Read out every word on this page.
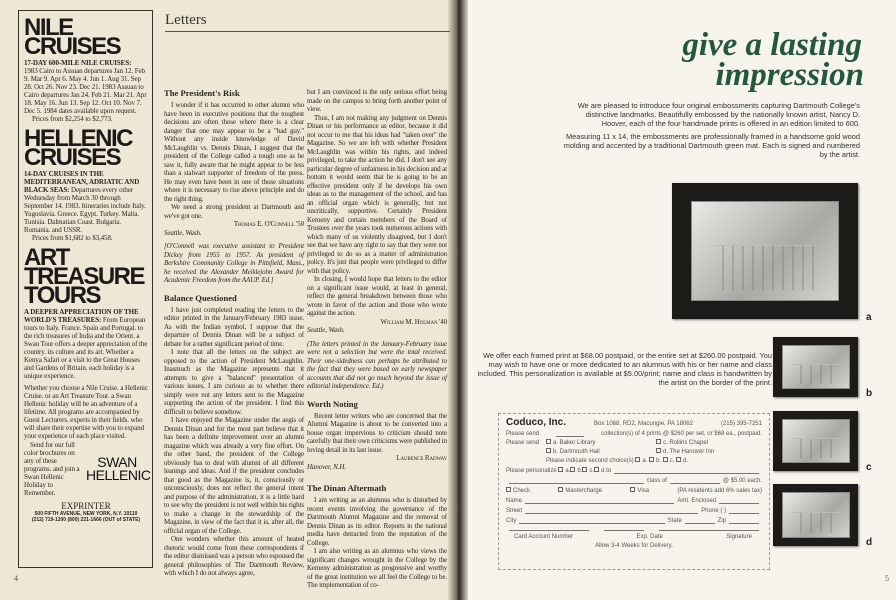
NILE CRUISES

17-DAY 600-MILE NILE CRUISES:
1983 Cairo to Assuan departures Jan 12. Feb 9. Mar 9. Apr 6. May 4. Jun 1. Aug 31. Sep 28. Oct 26. Nov 23. Dec 21. 1983 Assuan to Cairo departures Jan 24. Feb 21. Mar 21. Apr 18. May 16. Jun 13. Sep 12. Oct 10. Nov 7. Dec 5. 1984 dates available upon request.

Prices from $2,254 to $2,773.

HELLENIC CRUISES

14-DAY CRUISES IN THE MEDITERRANEAN, ADRIATIC AND BLACK SEAS: Departures every other Wednesday from March 30 through September 14. 1983. Itineraries include Italy. Yugoslavia. Greece. Egypt. Turkey. Malta. Tunisia. Dalmatian Coast. Bulgaria. Romania. and USSR.

Prices from $1,682 to $3,458.

ART TREASURE TOURS

A DEEPER APPRECIATION OF THE WORLD'S TREASURES: From European tours to Italy. France. Spain and Portugal. to the rich treasures of India and the Orient. a Swan Tour offers a deeper appreciation of the country. its culture and its art. Whether a Kenya Safari or a visit to the Great Houses and Gardens of Britain. each holiday is a unique experience.

Whether you choose a Nile Cruise. a Hellenic Cruise. or an Art Treasure Tour. a Swan Hellenic holiday will be an adventure of a lifetime. All programs are accompanied by Guest Lecturers. experts in their fields. who will share their expertise with you to expand your experience of each place visited.

Send for our full color brochures on any of these programs. and join a Swan Hellenic Holiday to Remember.

SWAN HELLENIC
EXPRINTER
500 FIFTH AVENUE, NEW YORK, N.Y. 10110
(212) 719-1200 (800) 221-1666 (OUT of STATE)
Letters
The President's Risk

I wonder if it has occurred to other alumni who have been in executive positions that the toughest decisions are often those where there is a clear danger that one may appear to be a "bad guy." Without any inside knowledge of David McLaughlin vs. Dennis Dinan, I suggest that the president of the College called a tough one as he saw it, fully aware that he might appear to be less than a stalwart supporter of freedom of the press. He may even have been in one of those situations where it is necessary to rise above principle and do the right thing.

We need a strong president at Dartmouth and we've got one.

Thomas E. O'Connell '50

Seattle, Wash.

[O'Connell was executive assistant to President Dickey from 1955 to 1957. As president of Berkshire Community College in Pittsfield, Mass., he received the Alexander Meiklejohn Award for Academic Freedom from the AAUP. Ed.]

Balance Questioned

I have just completed reading the letters to the editor printed in the January/February 1983 issue. As with the Indian symbol, I suppose that the departure of Dennis Dinan will be a subject of debate for a rather significant period of time.

I note that all the letters on the subject are opposed to the action of President McLaughlin. Inasmuch as the Magazine represents that it attempts to give a "balanced" presentation of various issues, I am curious as to whether there simply were not any letters sent to the Magazine supporting the action of the president. I find this difficult to believe somehow.

I have enjoyed the Magazine under the aegis of Dennis Dinan and for the most part believe that it has been a definite improvement over an alumni magazine which was already a very fine effort. On the other hand, the president of the College obviously has to deal with alumni of all different leanings and ideas. And if the president concludes that good as the Magazine is, it, consciously or unconsciously, does not reflect the general intent and purpose of the administration, it is a little hard to see why the president is not well within his rights to make a change in the stewardship of the Magazine, in view of the fact that it is, after all, the official organ of the College.

One wonders whether this amount of heated rhetoric would come from these correspondents if the editor dismissed was a person who espoused the general philosophies of The Dartmouth Review, with which I do not always agree,

but I am convinced is the only serious effort being made on the campus to bring forth another point of view.

Thus, I am not making any judgment on Dennis Dinan or his performance as editor, because it did not occur to me that his ideas had "taken over" the Magazine. So we are left with whether President McLaughlin was within his rights, and indeed privileged, to take the action he did. I don't see any particular degree of unfairness in his decision and at bottom it would seem that he is going to be an effective president only if he develops his own ideas as to the management of the school, and has an official organ which is generally, but not uncritically, supportive. Certainly President Kemeny and certain members of the Board of Trustees over the years took numerous actions with which many of us violently disagreed, but I don't see that we have any right to say that they were not privileged to do so as a matter of administration policy. It's just that people were privileged to differ with that policy.

In closing, I would hope that letters to the editor on a significant issue would, at least in general, reflect the general breakdown between those who wrote in favor of the action and those who wrote against the action.

William M. Holman '40

Seattle, Wash.

(The letters printed in the January-February issue were not a selection but were the total received. Their one-sidedness can perhaps be attributed to the fact that they were based on early newspaper accounts that did not go much beyond the issue of editorial independence. Ed.)

Worth Noting

Recent letter writers who are concerned that the Alumni Magazine is about to be converted into a house organ impervious to criticism should note carefully that their own criticisms were published in loving detail in its last issue.

Laurence Radway

Hanover, N.H.

The Dinan Aftermath

I am writing as an alumnus who is disturbed by recent events involving the governance of the Dartmouth Alumni Magazine and the removal of Dennis Dinan as its editor. Reports in the national media have detracted from the reputation of the College.

I am also writing as an alumnus who views the significant changes wrought in the College by the Kemeny administration as progressive and worthy of the great institution we all feel the College to be. The implementation of co-

4	5
give a lasting
impression

We are pleased to introduce four original embossments capturing Dartmouth College's distinctive landmarks. Beautifully embossed by the nationally known artist, Nancy D. Hoover, each of the four handmade prints is offered in an edition limited to 600.

Measuring 11 x 14, the embossments are professionally framed in a handsome gold wood molding and accented by a traditional Dartmouth green mat. Each is signed and numbered by the artist.

a
b
c
d
We offer each framed print at $68.00 postpaid, or the entire set at $260.00 postpaid. You may wish to have one or more dedicated to an alumnus with his or her name and class included. This personalization is available at $5.00/print; name and class is handwritten by the artist on the border of the print.
Coduco, Inc.	Box 1068, RD2, Macungie, PA 18062	(215) 395-7251
Please send	collection(s) of 4 prints @ $260 per set, or $68 ea., postpaid.
Please send	a. Baker Library	c. Rollins Chapel
b. Dartmouth Hall	d. The Hanover Inn
Please indicate second choice(s) a. b. c. d.
Please personalize
	a.	b.	c.	d. to
class of	@ $5.00 each.
Check	Mastercharge	Visa	(PA residents add 6% sales tax)
Name	Amt. Enclosed
Street	Phone
( )
City	State	Zip
Card Account Number	Exp. Date	Signature
Allow 3-4 Weeks for Delivery.
